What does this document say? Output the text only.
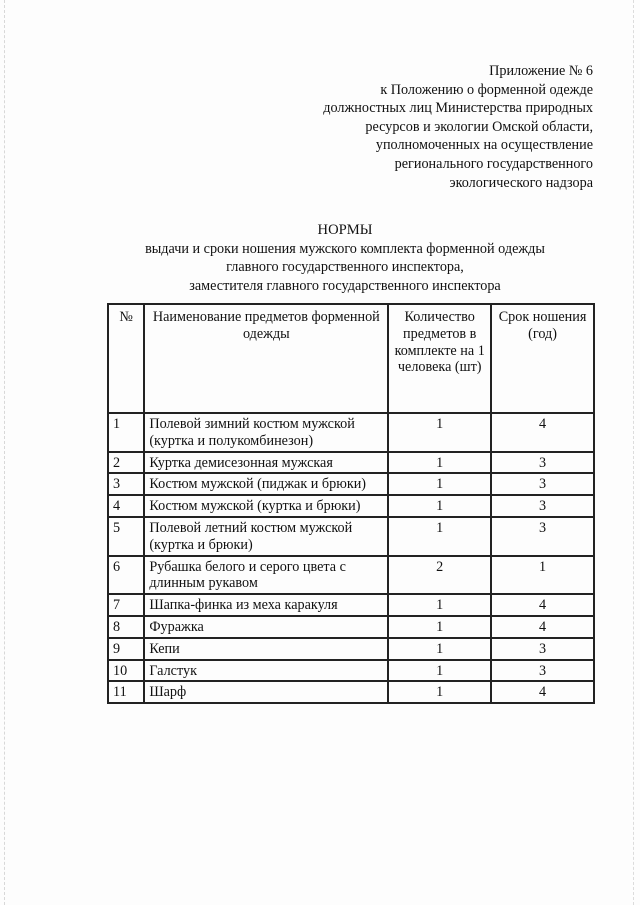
Приложение № 6
к Положению о форменной одежде
должностных лиц Министерства природных
ресурсов и экологии Омской области,
уполномоченных на осуществление
регионального государственного
экологического надзора
НОРМЫ
выдачи и сроки ношения мужского комплекта форменной одежды
главного государственного инспектора,
заместителя главного государственного инспектора
№	Наименование предметов форменной одежды	Количество предметов в комплекте на 1 человека (шт)	Срок ношения (год)
1	Полевой зимний костюм мужской (куртка и полукомбинезон)	1	4
2	Куртка демисезонная мужская	1	3
3	Костюм мужской (пиджак и брюки)	1	3
4	Костюм мужской (куртка и брюки)	1	3
5	Полевой летний костюм мужской (куртка и брюки)	1	3
6	Рубашка белого и серого цвета с длинным рукавом	2	1
7	Шапка-финка из меха каракуля	1	4
8	Фуражка	1	4
9	Кепи	1	3
10	Галстук	1	3
11	Шарф	1	4
